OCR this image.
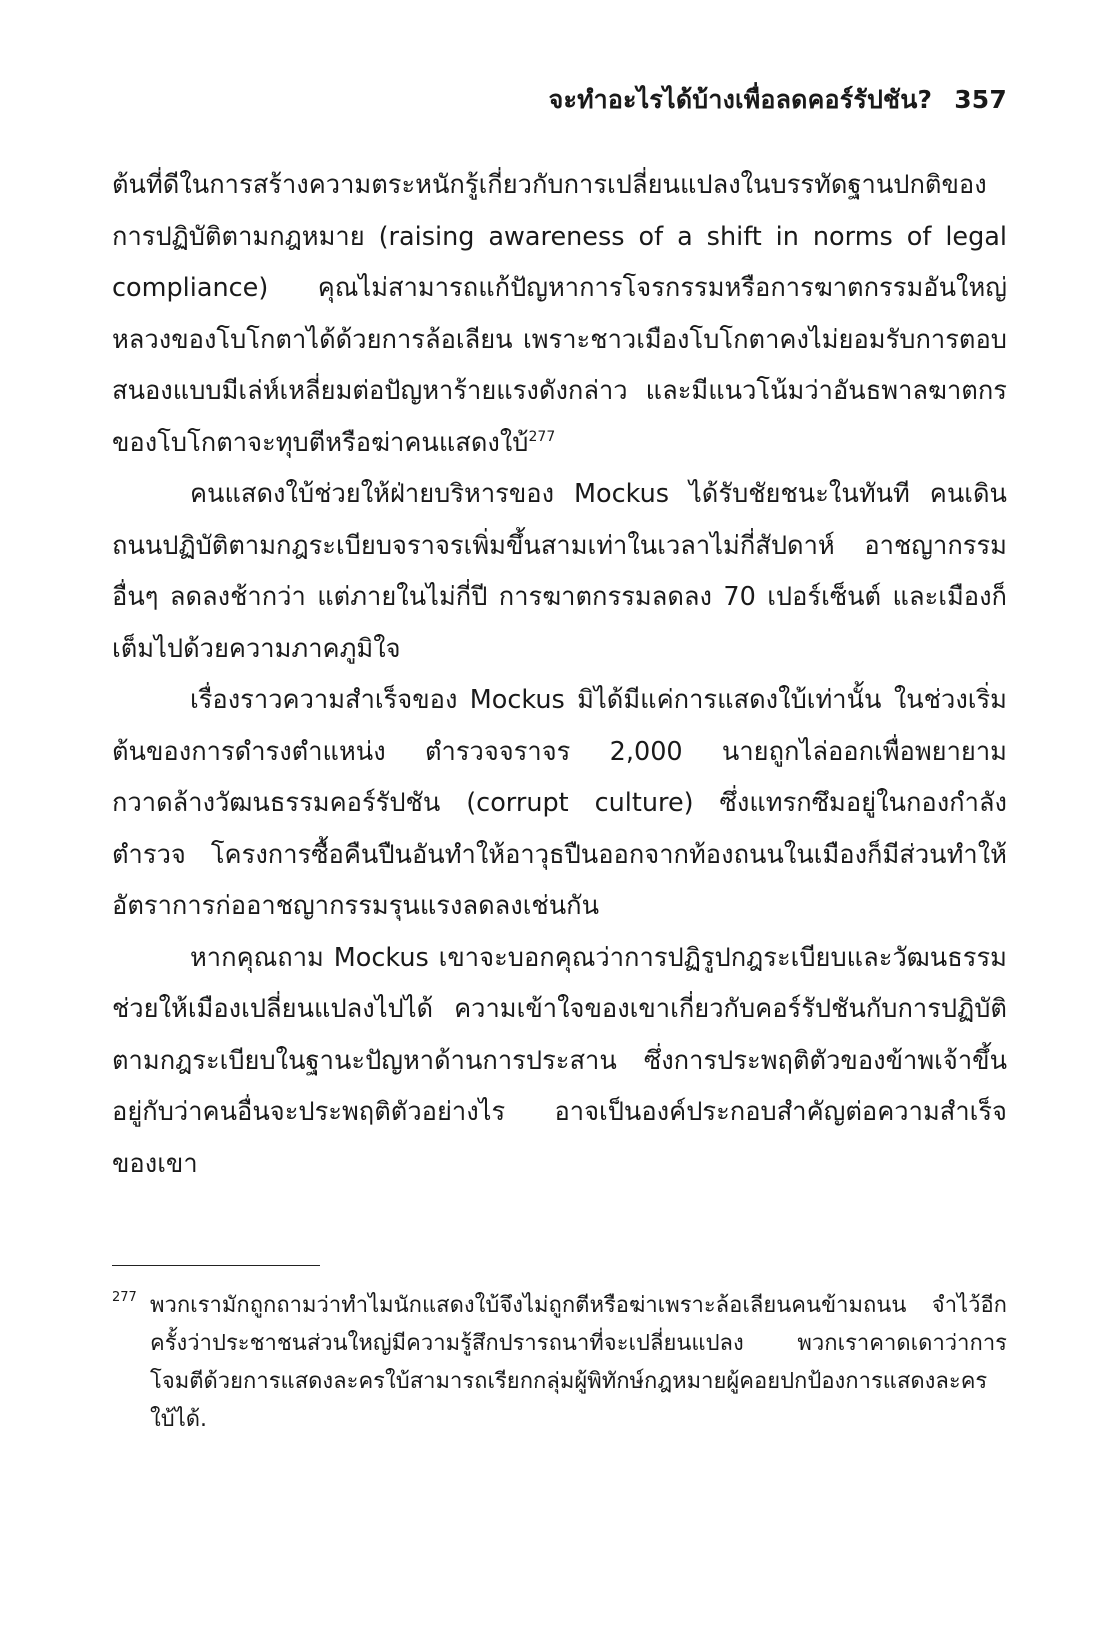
จะทำอะไรได้บ้างเพื่อลดคอร์รัปชัน? 357

ต้นที่ดีในการสร้างความตระหนักรู้เกี่ยวกับการเปลี่ยนแปลงในบรรทัดฐานปกติของการปฏิบัติตามกฎหมาย (raising awareness of a shift in norms of legal compliance) คุณไม่สามารถแก้ปัญหาการโจรกรรมหรือการฆาตกรรมอันใหญ่หลวงของโบโกตาได้ด้วยการล้อเลียน เพราะชาวเมืองโบโกตาคงไม่ยอมรับการตอบสนองแบบมีเล่ห์เหลี่ยมต่อปัญหาร้ายแรงดังกล่าว และมีแนวโน้มว่าอันธพาลฆาตกรของโบโกตาจะทุบตีหรือฆ่าคนแสดงใบ้$^{277}$

คนแสดงใบ้ช่วยให้ฝ่ายบริหารของ Mockus ได้รับชัยชนะในทันที คนเดินถนนปฏิบัติตามกฎระเบียบจราจรเพิ่มขึ้นสามเท่าในเวลาไม่กี่สัปดาห์ อาชญากรรมอื่นๆ ลดลงช้ากว่า แต่ภายในไม่กี่ปี การฆาตกรรมลดลง 70 เปอร์เซ็นต์ และเมืองก็เต็มไปด้วยความภาคภูมิใจ

เรื่องราวความสำเร็จของ Mockus มิได้มีแค่การแสดงใบ้เท่านั้น ในช่วงเริ่มต้นของการดำรงตำแหน่ง ตำรวจจราจร 2,000 นายถูกไล่ออกเพื่อพยายามกวาดล้างวัฒนธรรมคอร์รัปชัน (corrupt culture) ซึ่งแทรกซึมอยู่ในกองกำลังตำรวจ โครงการซื้อคืนปืนอันทำให้อาวุธปืนออกจากท้องถนนในเมืองก็มีส่วนทำให้อัตราการก่ออาชญากรรมรุนแรงลดลงเช่นกัน

หากคุณถาม Mockus เขาจะบอกคุณว่าการปฏิรูปกฎระเบียบและวัฒนธรรมช่วยให้เมืองเปลี่ยนแปลงไปได้ ความเข้าใจของเขาเกี่ยวกับคอร์รัปชันกับการปฏิบัติตามกฎระเบียบในฐานะปัญหาด้านการประสาน ซึ่งการประพฤติตัวของข้าพเจ้าขึ้นอยู่กับว่าคนอื่นจะประพฤติตัวอย่างไร อาจเป็นองค์ประกอบสำคัญต่อความสำเร็จของเขา

277 พวกเรามักถูกถามว่าทำไมนักแสดงใบ้จึงไม่ถูกตีหรือฆ่าเพราะล้อเลียนคนข้ามถนน จำไว้อีกครั้งว่าประชาชนส่วนใหญ่มีความรู้สึกปรารถนาที่จะเปลี่ยนแปลง พวกเราคาดเดาว่าการโจมตีด้วยการแสดงละครใบ้สามารถเรียกกลุ่มผู้พิทักษ์กฎหมายผู้คอยปกป้องการแสดงละครใบ้ได้.
